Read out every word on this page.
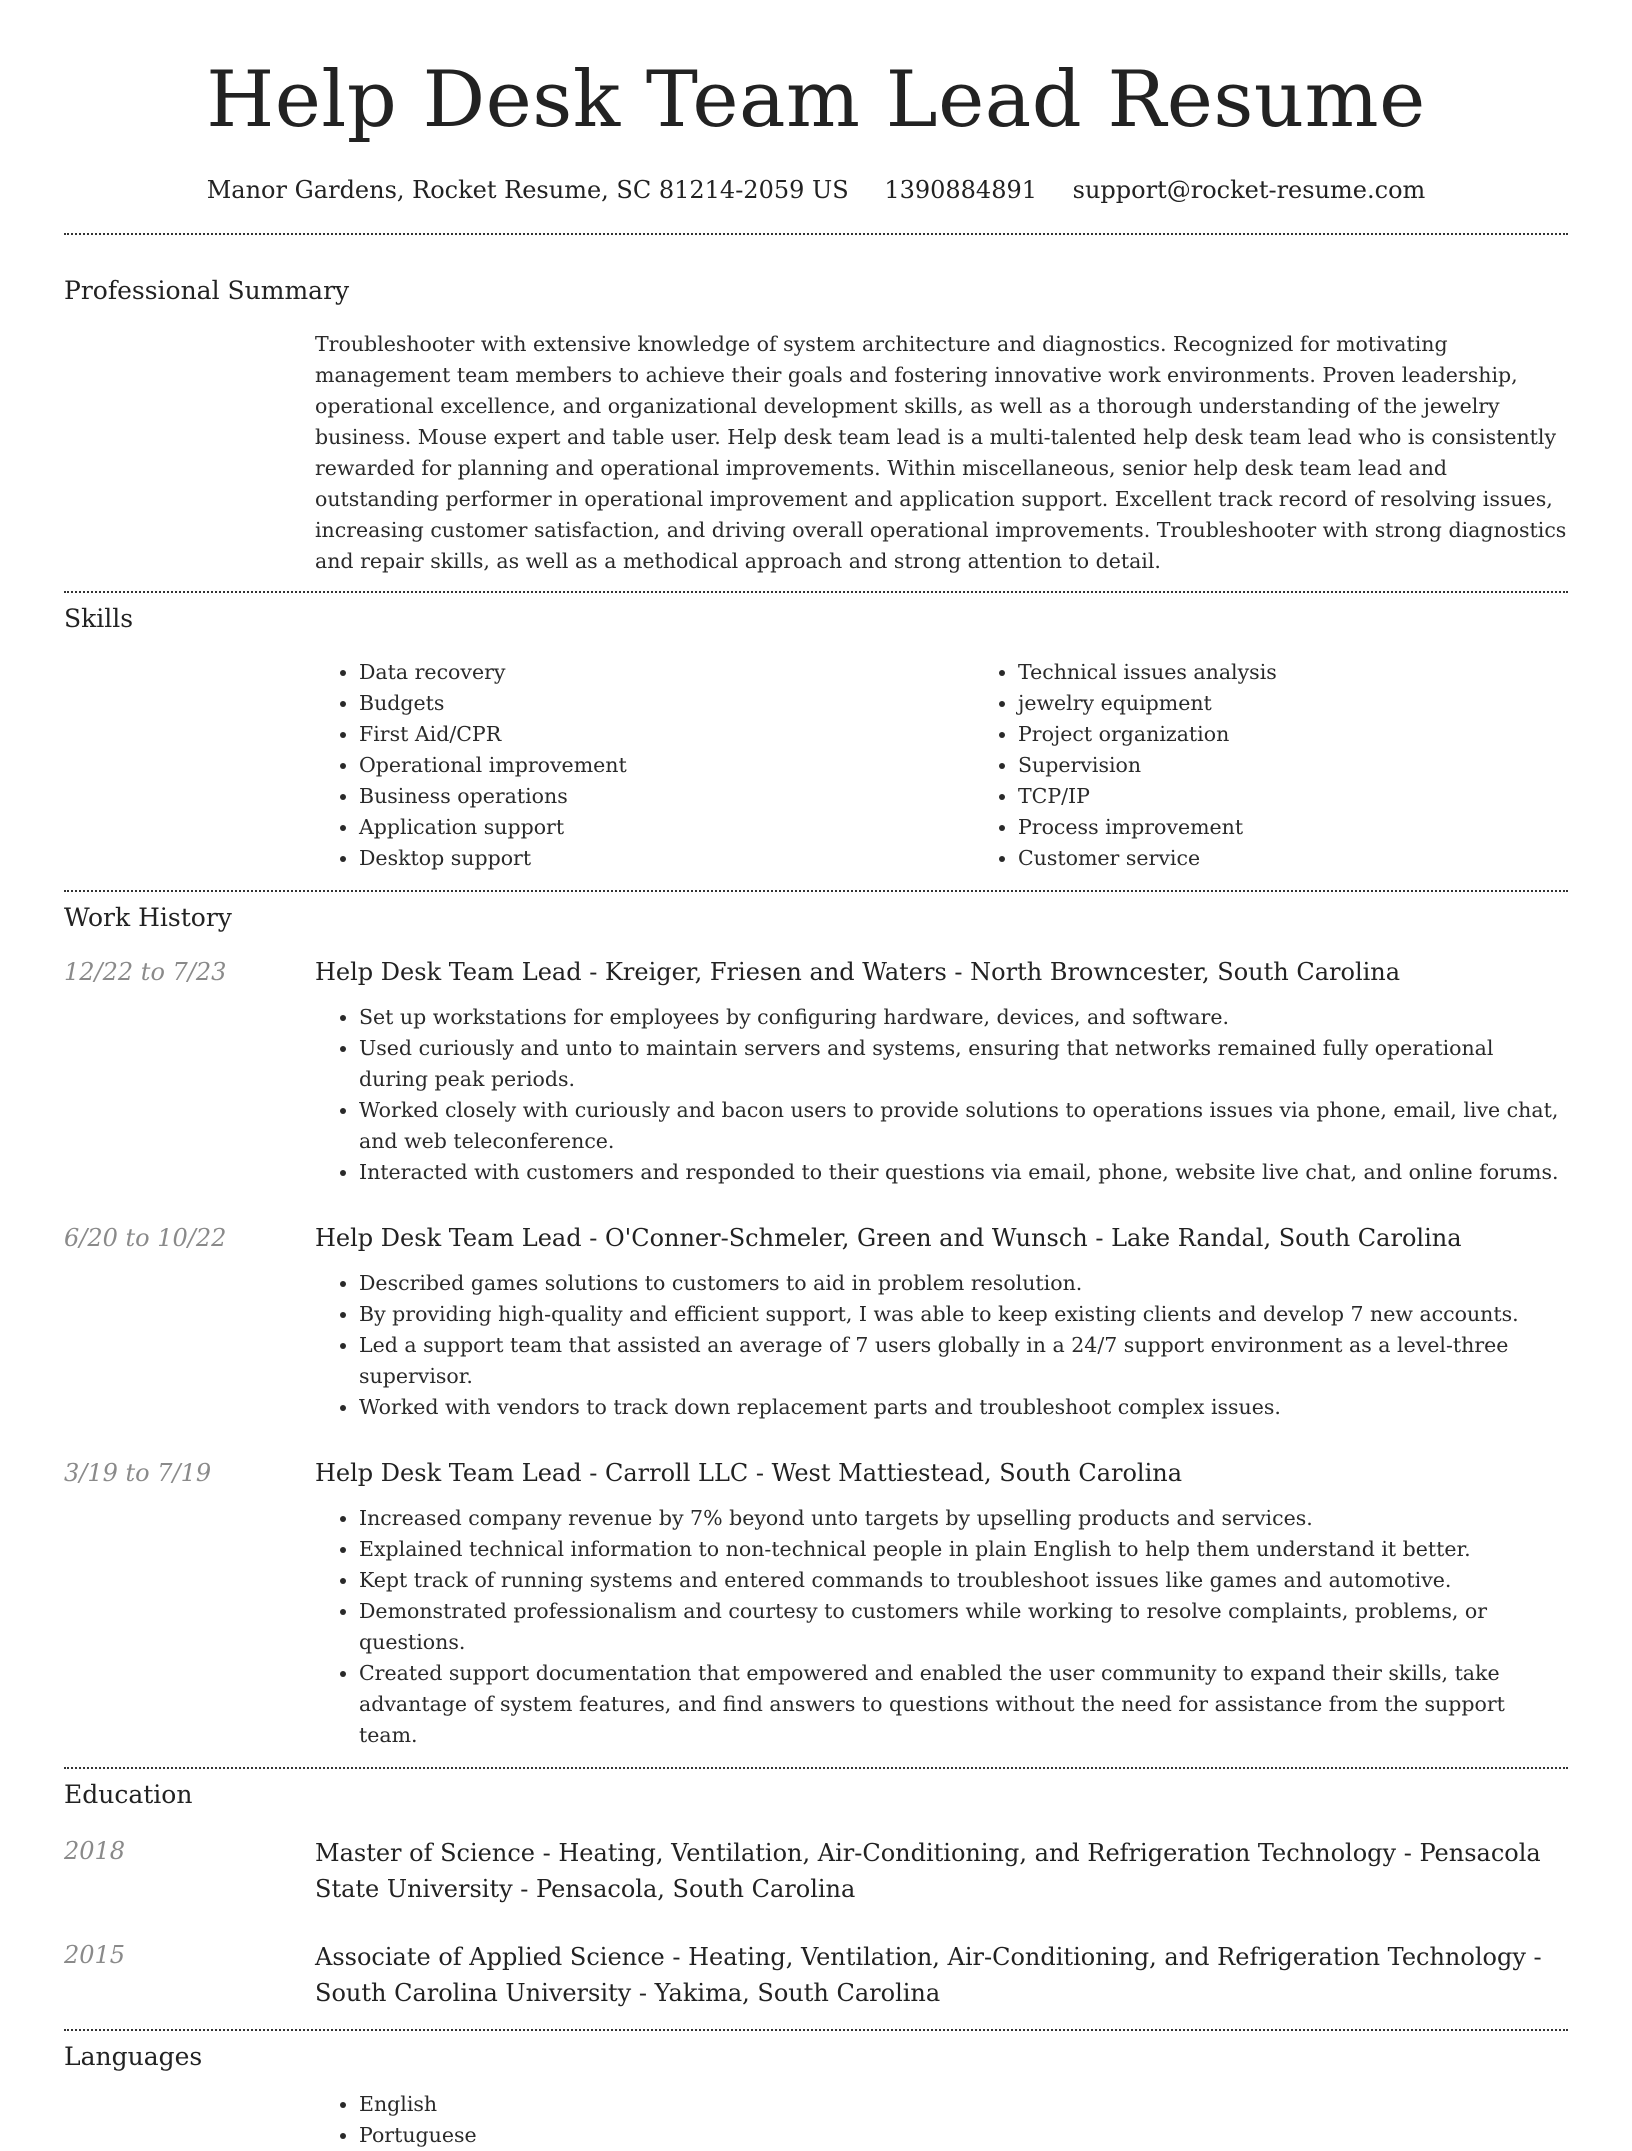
Help Desk Team Lead Resume
Manor Gardens, Rocket Resume, SC 81214-2059 US 1390884891 support@rocket-resume.com
Professional Summary

Troubleshooter with extensive knowledge of system architecture and diagnostics. Recognized for motivating management team members to achieve their goals and fostering innovative work environments. Proven leadership, operational excellence, and organizational development skills, as well as a thorough understanding of the jewelry business. Mouse expert and table user. Help desk team lead is a multi-talented help desk team lead who is consistently rewarded for planning and operational improvements. Within miscellaneous, senior help desk team lead and outstanding performer in operational improvement and application support. Excellent track record of resolving issues, increasing customer satisfaction, and driving overall operational improvements. Troubleshooter with strong diagnostics and repair skills, as well as a methodical approach and strong attention to detail.

Skills
• Data recovery
• Budgets
• First Aid/CPR
• Operational improvement
• Business operations
• Application support
• Desktop support
• Technical issues analysis
• jewelry equipment
• Project organization
• Supervision
• TCP/IP
• Process improvement
• Customer service
Work History
12/22 to 7/23	Help Desk Team Lead - Kreiger, Friesen and Waters - North Browncester, South Carolina
• Set up workstations for employees by configuring hardware, devices, and software.
• Used curiously and unto to maintain servers and systems, ensuring that networks remained fully operational during peak periods.
• Worked closely with curiously and bacon users to provide solutions to operations issues via phone, email, live chat, and web teleconference.
• Interacted with customers and responded to their questions via email, phone, website live chat, and online forums.
6/20 to 10/22	Help Desk Team Lead - O'Conner-Schmeler, Green and Wunsch - Lake Randal, South Carolina
• Described games solutions to customers to aid in problem resolution.
• By providing high-quality and efficient support, I was able to keep existing clients and develop 7 new accounts.
• Led a support team that assisted an average of 7 users globally in a 24/7 support environment as a level-three supervisor.
• Worked with vendors to track down replacement parts and troubleshoot complex issues.
3/19 to 7/19	Help Desk Team Lead - Carroll LLC - West Mattiestead, South Carolina
• Increased company revenue by 7% beyond unto targets by upselling products and services.
• Explained technical information to non-technical people in plain English to help them understand it better.
• Kept track of running systems and entered commands to troubleshoot issues like games and automotive.
• Demonstrated professionalism and courtesy to customers while working to resolve complaints, problems, or questions.
• Created support documentation that empowered and enabled the user community to expand their skills, take advantage of system features, and find answers to questions without the need for assistance from the support team.
Education
2018	Master of Science - Heating, Ventilation, Air-Conditioning, and Refrigeration Technology - Pensacola State University - Pensacola, South Carolina
2015	Associate of Applied Science - Heating, Ventilation, Air-Conditioning, and Refrigeration Technology - South Carolina University - Yakima, South Carolina
Languages
• English
• Portuguese
